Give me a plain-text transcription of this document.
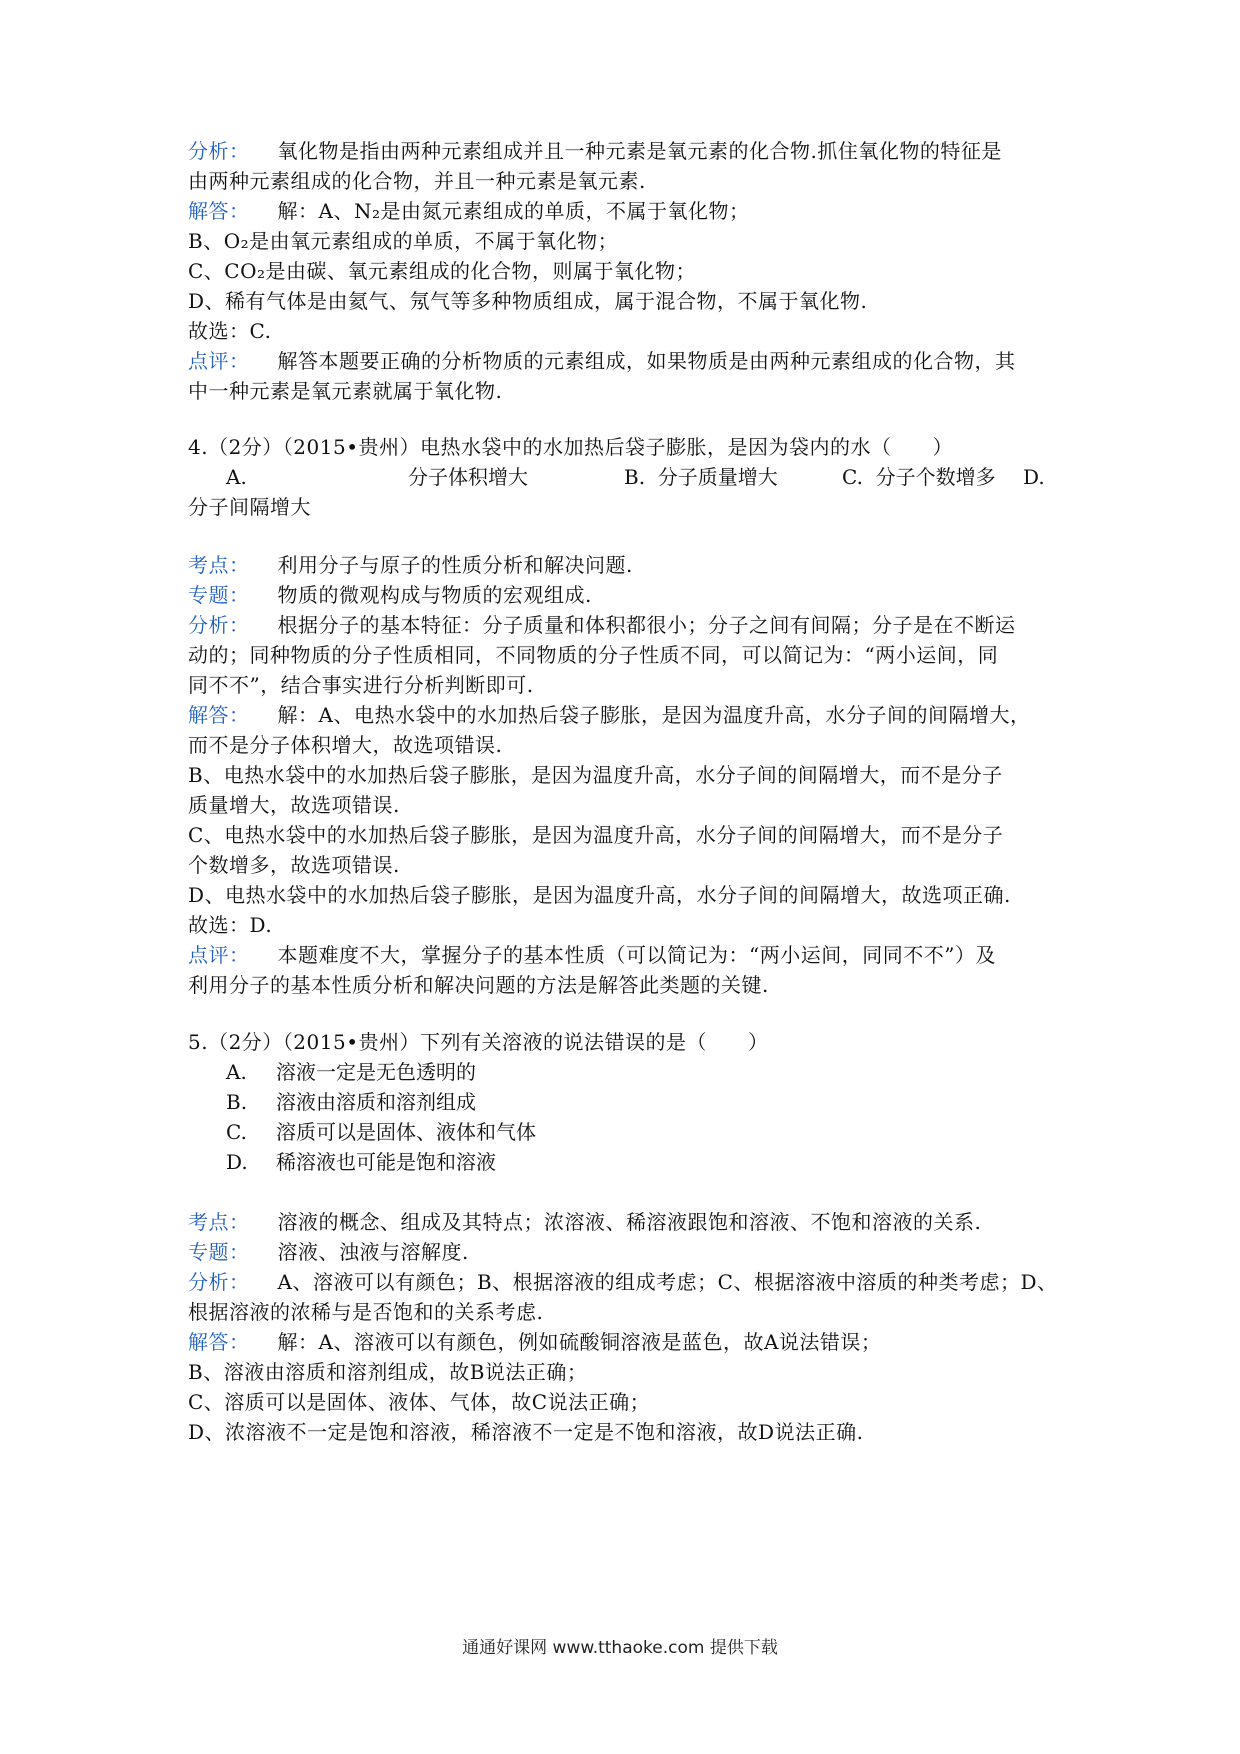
分析： 氧化物是指由两种元素组成并且一种元素是氧元素的化合物.抓住氧化物的特征是
由两种元素组成的化合物，并且一种元素是氧元素.
解答： 解：A、N₂是由氮元素组成的单质，不属于氧化物；
B、O₂是由氧元素组成的单质，不属于氧化物；
C、CO₂是由碳、氧元素组成的化合物，则属于氧化物；
D、稀有气体是由氦气、氖气等多种物质组成，属于混合物，不属于氧化物.
故选：C.
点评： 解答本题要正确的分析物质的元素组成，如果物质是由两种元素组成的化合物，其
中一种元素是氧元素就属于氧化物.
4.（2分）（2015•贵州）电热水袋中的水加热后袋子膨胀，是因为袋内的水（　　）
A.	分子体积增大	B. 分子质量增大	C. 分子个数增多 D.
分子间隔增大
考点： 利用分子与原子的性质分析和解决问题.
专题： 物质的微观构成与物质的宏观组成.
分析： 根据分子的基本特征：分子质量和体积都很小；分子之间有间隔；分子是在不断运
动的；同种物质的分子性质相同，不同物质的分子性质不同，可以简记为：“两小运间，同
同不不”，结合事实进行分析判断即可.
解答： 解：A、电热水袋中的水加热后袋子膨胀，是因为温度升高，水分子间的间隔增大，
而不是分子体积增大，故选项错误.
B、电热水袋中的水加热后袋子膨胀，是因为温度升高，水分子间的间隔增大，而不是分子
质量增大，故选项错误.
C、电热水袋中的水加热后袋子膨胀，是因为温度升高，水分子间的间隔增大，而不是分子
个数增多，故选项错误.
D、电热水袋中的水加热后袋子膨胀，是因为温度升高，水分子间的间隔增大，故选项正确.
故选：D.
点评： 本题难度不大，掌握分子的基本性质（可以简记为：“两小运间，同同不不”）及
利用分子的基本性质分析和解决问题的方法是解答此类题的关键.
5.（2分）（2015•贵州）下列有关溶液的说法错误的是（　　）
A. 溶液一定是无色透明的
B. 溶液由溶质和溶剂组成
C. 溶质可以是固体、液体和气体
D. 稀溶液也可能是饱和溶液
考点： 溶液的概念、组成及其特点；浓溶液、稀溶液跟饱和溶液、不饱和溶液的关系.
专题： 溶液、浊液与溶解度.
分析： A、溶液可以有颜色；B、根据溶液的组成考虑；C、根据溶液中溶质的种类考虑；D、
根据溶液的浓稀与是否饱和的关系考虑.
解答： 解：A、溶液可以有颜色，例如硫酸铜溶液是蓝色，故A说法错误；
B、溶液由溶质和溶剂组成，故B说法正确；
C、溶质可以是固体、液体、气体，故C说法正确；
D、浓溶液不一定是饱和溶液，稀溶液不一定是不饱和溶液，故D说法正确.
通通好课网 www.tthaoke.com 提供下载
